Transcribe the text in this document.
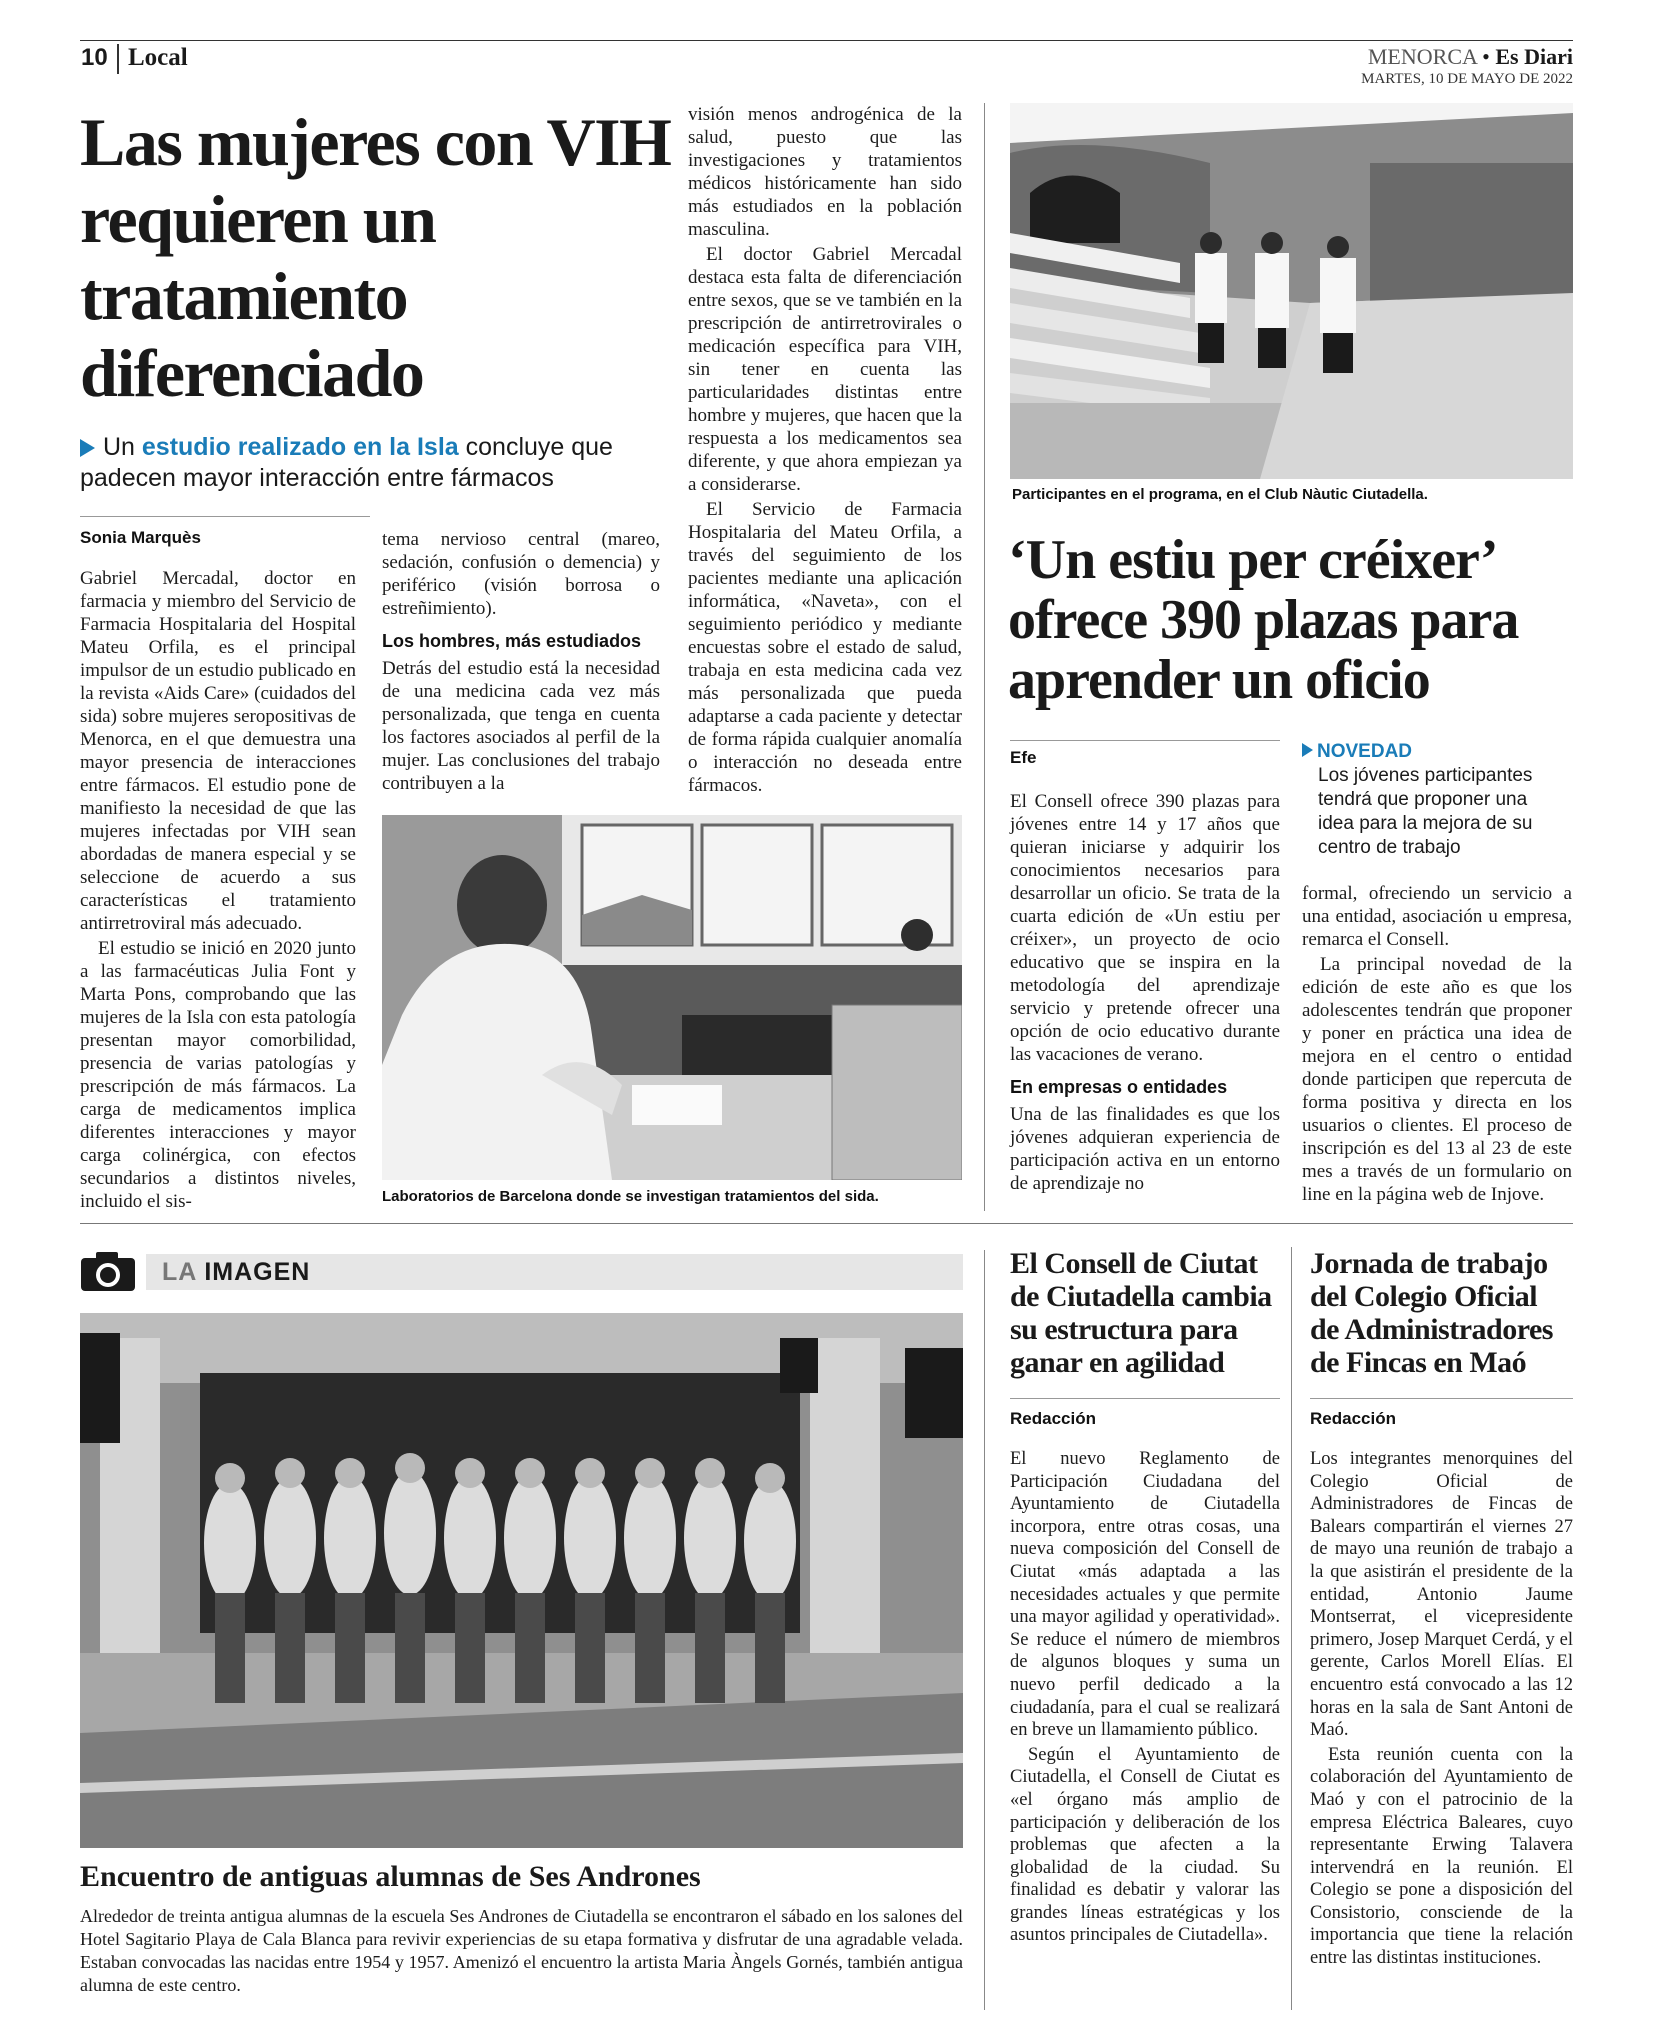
10 Local	MENORCA • Es Diari
MARTES, 10 DE MAYO DE 2022
Las mujeres con VIH requieren un tratamiento diferenciado
Un estudio realizado en la Isla concluye que padecen mayor interacción entre fármacos
Sonia Marquès

Gabriel Mercadal, doctor en farmacia y miembro del Servicio de Farmacia Hospitalaria del Hospital Mateu Orfila, es el principal impulsor de un estudio publicado en la revista «Aids Care» (cuidados del sida) sobre mujeres seropositivas de Menorca, en el que demuestra una mayor presencia de interacciones entre fármacos. El estudio pone de manifiesto la necesidad de que las mujeres infectadas por VIH sean abordadas de manera especial y se seleccione de acuerdo a sus características el tratamiento antirretroviral más adecuado.

El estudio se inició en 2020 junto a las farmacéuticas Julia Font y Marta Pons, comprobando que las mujeres de la Isla con esta patología presentan mayor comorbilidad, presencia de varias patologías y prescripción de más fármacos. La carga de medicamentos implica diferentes interacciones y mayor carga colinérgica, con efectos secundarios a distintos niveles, incluido el sis-

tema nervioso central (mareo, sedación, confusión o demencia) y periférico (visión borrosa o estreñimiento).

Los hombres, más estudiados

Detrás del estudio está la necesidad de una medicina cada vez más personalizada, que tenga en cuenta los factores asociados al perfil de la mujer. Las conclusiones del trabajo contribuyen a la

visión menos androgénica de la salud, puesto que las investigaciones y tratamientos médicos históricamente han sido más estudiados en la población masculina.

El doctor Gabriel Mercadal destaca esta falta de diferenciación entre sexos, que se ve también en la prescripción de antirretrovirales o medicación específica para VIH, sin tener en cuenta las particularidades distintas entre hombre y mujeres, que hacen que la respuesta a los medicamentos sea diferente, y que ahora empiezan ya a considerarse.

El Servicio de Farmacia Hospitalaria del Mateu Orfila, a través del seguimiento de los pacientes mediante una aplicación informática, «Naveta», con el seguimiento periódico y mediante encuestas sobre el estado de salud, trabaja en esta medicina cada vez más personalizada que pueda adaptarse a cada paciente y detectar de forma rápida cualquier anomalía o interacción no deseada entre fármacos.

Laboratorios de Barcelona donde se investigan tratamientos del sida.
Participantes en el programa, en el Club Nàutic Ciutadella.
‘Un estiu per créixer’ ofrece 390 plazas para aprender un oficio
Efe	NOVEDAD
Los jóvenes participantes tendrá que proponer una idea para la mejora de su centro de trabajo

El Consell ofrece 390 plazas para jóvenes entre 14 y 17 años que quieran iniciarse y adquirir los conocimientos necesarios para desarrollar un oficio. Se trata de la cuarta edición de «Un estiu per créixer», un proyecto de ocio educativo que se inspira en la metodología del aprendizaje servicio y pretende ofrecer una opción de ocio educativo durante las vacaciones de verano.

En empresas o entidades

Una de las finalidades es que los jóvenes adquieran experiencia de participación activa en un entorno de aprendizaje no

formal, ofreciendo un servicio a una entidad, asociación u empresa, remarca el Consell.

La principal novedad de la edición de este año es que los adolescentes tendrán que proponer y poner en práctica una idea de mejora en el centro o entidad donde participen que repercuta de forma positiva y directa en los usuarios o clientes. El proceso de inscripción es del 13 al 23 de este mes a través de un formulario on line en la página web de Injove.

LA IMAGEN
Encuentro de antiguas alumnas de Ses Andrones
Alrededor de treinta antigua alumnas de la escuela Ses Andrones de Ciutadella se encontraron el sábado en los salones del Hotel Sagitario Playa de Cala Blanca para revivir experiencias de su etapa formativa y disfrutar de una agradable velada. Estaban convocadas las nacidas entre 1954 y 1957. Amenizó el encuentro la artista Maria Àngels Gornés, también antigua alumna de este centro.
El Consell de Ciutat de Ciutadella cambia su estructura para ganar en agilidad
Redacción

El nuevo Reglamento de Participación Ciudadana del Ayuntamiento de Ciutadella incorpora, entre otras cosas, una nueva composición del Consell de Ciutat «más adaptada a las necesidades actuales y que permite una mayor agilidad y operatividad». Se reduce el número de miembros de algunos bloques y suma un nuevo perfil dedicado a la ciudadanía, para el cual se realizará en breve un llamamiento público.

Según el Ayuntamiento de Ciutadella, el Consell de Ciutat es «el órgano más amplio de participación y deliberación de los problemas que afecten a la globalidad de la ciudad. Su finalidad es debatir y valorar las grandes líneas estratégicas y los asuntos principales de Ciutadella».

Jornada de trabajo del Colegio Oficial de Administradores de Fincas en Maó
Redacción

Los integrantes menorquines del Colegio Oficial de Administradores de Fincas de Balears compartirán el viernes 27 de mayo una reunión de trabajo a la que asistirán el presidente de la entidad, Antonio Jaume Montserrat, el vicepresidente primero, Josep Marquet Cerdá, y el gerente, Carlos Morell Elías. El encuentro está convocado a las 12 horas en la sala de Sant Antoni de Maó.

Esta reunión cuenta con la colaboración del Ayuntamiento de Maó y con el patrocinio de la empresa Eléctrica Baleares, cuyo representante Erwing Talavera intervendrá en la reunión. El Colegio se pone a disposición del Consistorio, consciende de la importancia que tiene la relación entre las distintas instituciones.
